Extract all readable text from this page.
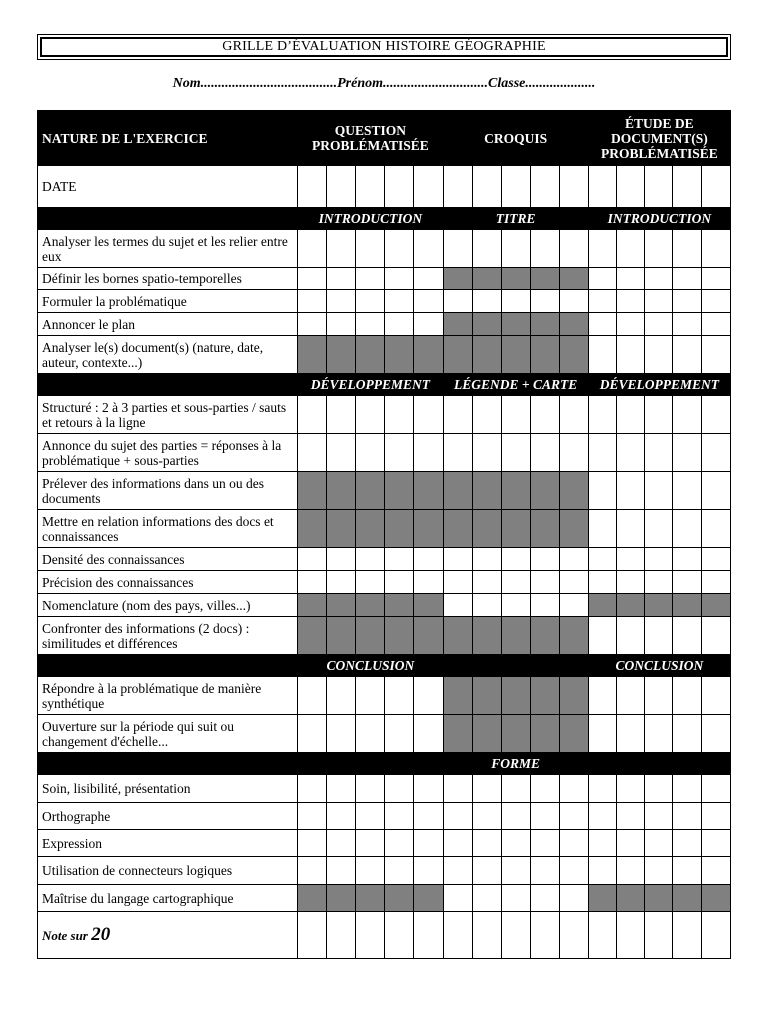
GRILLE D’ÉVALUATION HISTOIRE GÉOGRAPHIE
Nom.......................................Prénom..............................Classe....................
NATURE DE L'EXERCICE	QUESTION PROBLÉMATISÉE					CROQUIS					ÉTUDE DE DOCUMENT(S) PROBLÉMATISÉE				
DATE															
	INTRODUCTION					TITRE					INTRODUCTION				
Analyser les termes du sujet et les relier entre eux															
Définir les bornes spatio-temporelles															
Formuler la problématique															
Annoncer le plan															
Analyser le(s) document(s) (nature, date, auteur, contexte...)															
	DÉVELOPPEMENT					LÉGENDE + CARTE					DÉVELOPPEMENT				
Structuré : 2 à 3 parties et sous-parties / sauts et retours à la ligne															
Annonce du sujet des parties = réponses à la problématique + sous-parties															
Prélever des informations dans un ou des documents															
Mettre en relation informations des docs et connaissances															
Densité des connaissances															
Précision des connaissances															
Nomenclature (nom des pays, villes...)															
Confronter des informations (2 docs) : similitudes et différences															
	CONCLUSION										CONCLUSION				
Répondre à la problématique de manière synthétique															
Ouverture sur la période qui suit ou changement d'échelle...															
						FORME									
Soin, lisibilité, présentation															
Orthographe															
Expression															
Utilisation de connecteurs logiques															
Maîtrise du langage cartographique															
Note sur 20															
